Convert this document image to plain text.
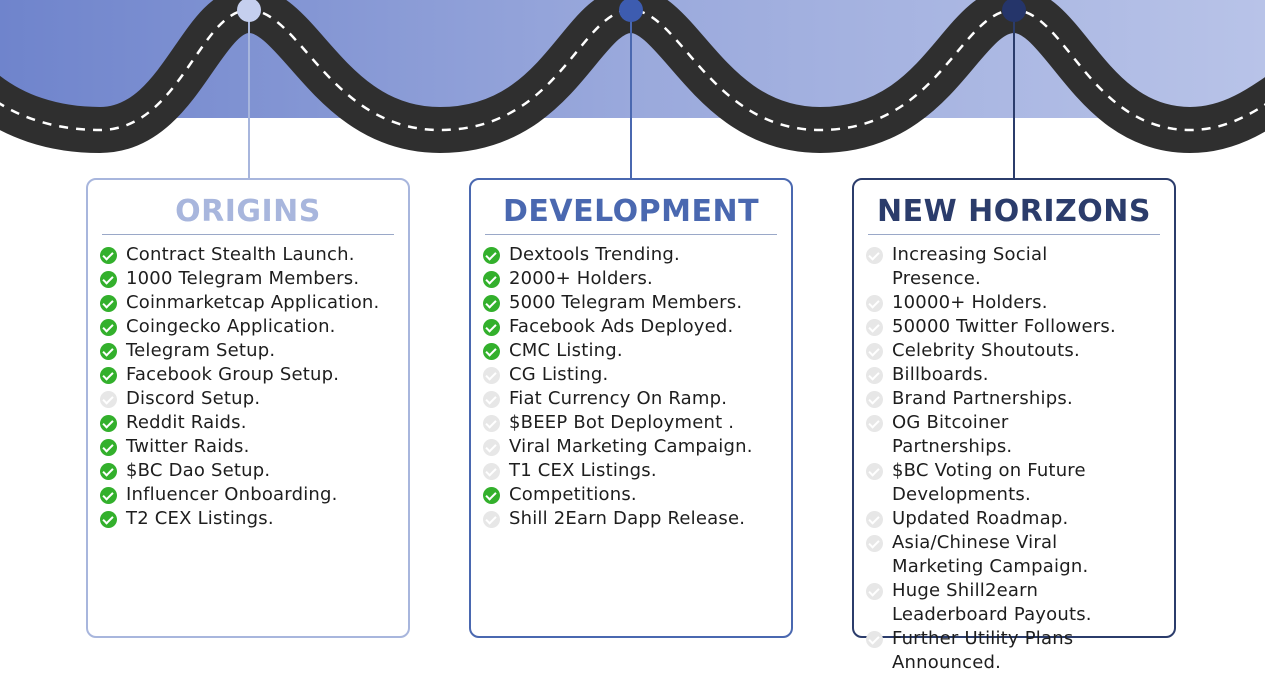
ORIGINS
Contract Stealth Launch.
1000 Telegram Members.
Coinmarketcap Application.
Coingecko Application.
Telegram Setup.
Facebook Group Setup.
Discord Setup.
Reddit Raids.
Twitter Raids.
$BC Dao Setup.
Influencer Onboarding.
T2 CEX Listings.
DEVELOPMENT
Dextools Trending.
2000+ Holders.
5000 Telegram Members.
Facebook Ads Deployed.
CMC Listing.
CG Listing.
Fiat Currency On Ramp.
$BEEP Bot Deployment .
Viral Marketing Campaign.
T1 CEX Listings.
Competitions.
Shill 2Earn Dapp Release.
NEW HORIZONS
Increasing Social Presence.
10000+ Holders.
50000 Twitter Followers.
Celebrity Shoutouts.
Billboards.
Brand Partnerships.
OG Bitcoiner Partnerships.
$BC Voting on Future Developments.
Updated Roadmap.
Asia/Chinese Viral Marketing Campaign.
Huge Shill2earn Leaderboard Payouts.
Further Utility Plans Announced.
